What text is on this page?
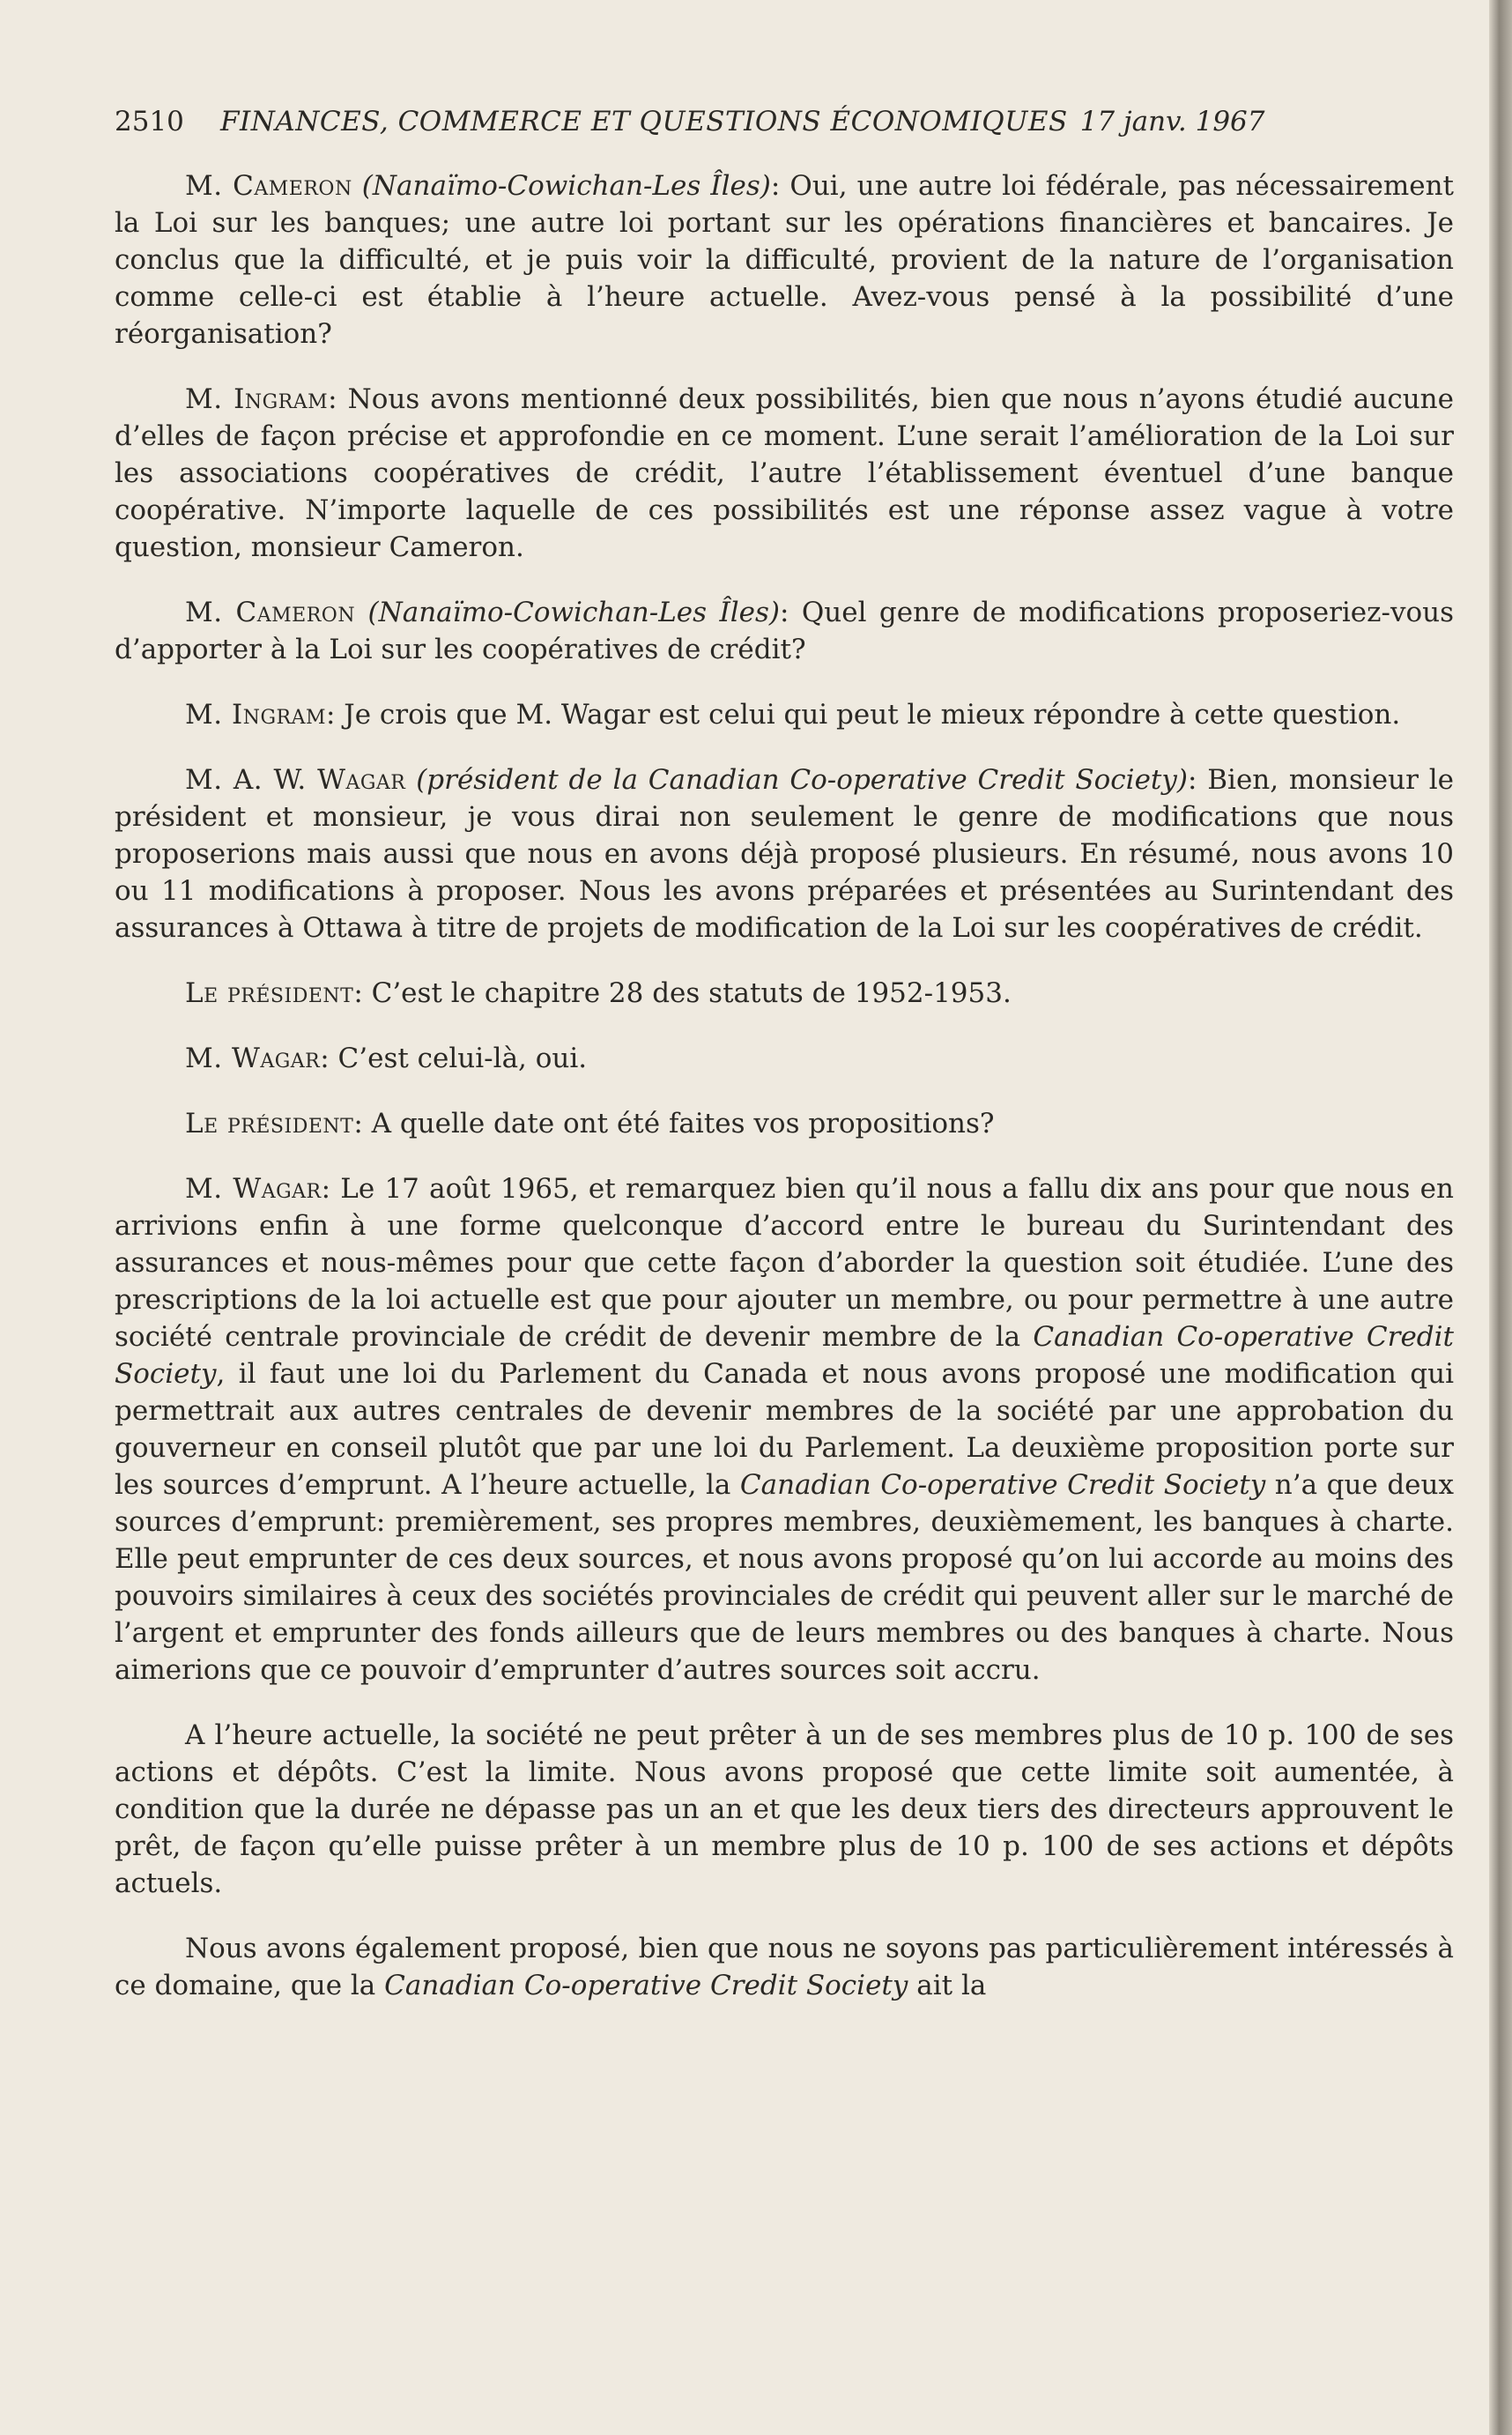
2510	FINANCES, COMMERCE ET QUESTIONS ÉCONOMIQUES 17 janv. 1967

M. Cameron (Nanaïmo-Cowichan-Les Îles): Oui, une autre loi fédérale, pas nécessairement la Loi sur les banques; une autre loi portant sur les opérations financières et bancaires. Je conclus que la difficulté, et je puis voir la difficulté, provient de la nature de l’organisation comme celle-ci est établie à l’heure actuelle. Avez-vous pensé à la possibilité d’une réorganisation?

M. Ingram: Nous avons mentionné deux possibilités, bien que nous n’ayons étudié aucune d’elles de façon précise et approfondie en ce moment. L’une serait l’amélioration de la Loi sur les associations coopératives de crédit, l’autre l’établissement éventuel d’une banque coopérative. N’importe laquelle de ces possibilités est une réponse assez vague à votre question, monsieur Cameron.

M. Cameron (Nanaïmo-Cowichan-Les Îles): Quel genre de modifications proposeriez-vous d’apporter à la Loi sur les coopératives de crédit?

M. Ingram: Je crois que M. Wagar est celui qui peut le mieux répondre à cette question.

M. A. W. Wagar (président de la Canadian Co-operative Credit Society): Bien, monsieur le président et monsieur, je vous dirai non seulement le genre de modifications que nous proposerions mais aussi que nous en avons déjà proposé plusieurs. En résumé, nous avons 10 ou 11 modifications à proposer. Nous les avons préparées et présentées au Surintendant des assurances à Ottawa à titre de projets de modification de la Loi sur les coopératives de crédit.

Le président: C’est le chapitre 28 des statuts de 1952-1953.

M. Wagar: C’est celui-là, oui.

Le président: A quelle date ont été faites vos propositions?

M. Wagar: Le 17 août 1965, et remarquez bien qu’il nous a fallu dix ans pour que nous en arrivions enfin à une forme quelconque d’accord entre le bureau du Surintendant des assurances et nous-mêmes pour que cette façon d’aborder la question soit étudiée. L’une des prescriptions de la loi actuelle est que pour ajouter un membre, ou pour permettre à une autre société centrale provinciale de crédit de devenir membre de la Canadian Co-operative Credit Society, il faut une loi du Parlement du Canada et nous avons proposé une modification qui permettrait aux autres centrales de devenir membres de la société par une approbation du gouverneur en conseil plutôt que par une loi du Parlement. La deuxième proposition porte sur les sources d’emprunt. A l’heure actuelle, la Canadian Co-operative Credit Society n’a que deux sources d’emprunt: premièrement, ses propres membres, deuxièmement, les banques à charte. Elle peut emprunter de ces deux sources, et nous avons proposé qu’on lui accorde au moins des pouvoirs similaires à ceux des sociétés provinciales de crédit qui peuvent aller sur le marché de l’argent et emprunter des fonds ailleurs que de leurs membres ou des banques à charte. Nous aimerions que ce pouvoir d’emprunter d’autres sources soit accru.

A l’heure actuelle, la société ne peut prêter à un de ses membres plus de 10 p. 100 de ses actions et dépôts. C’est la limite. Nous avons proposé que cette limite soit aumentée, à condition que la durée ne dépasse pas un an et que les deux tiers des directeurs approuvent le prêt, de façon qu’elle puisse prêter à un membre plus de 10 p. 100 de ses actions et dépôts actuels.

Nous avons également proposé, bien que nous ne soyons pas particulièrement intéressés à ce domaine, que la Canadian Co-operative Credit Society ait la
